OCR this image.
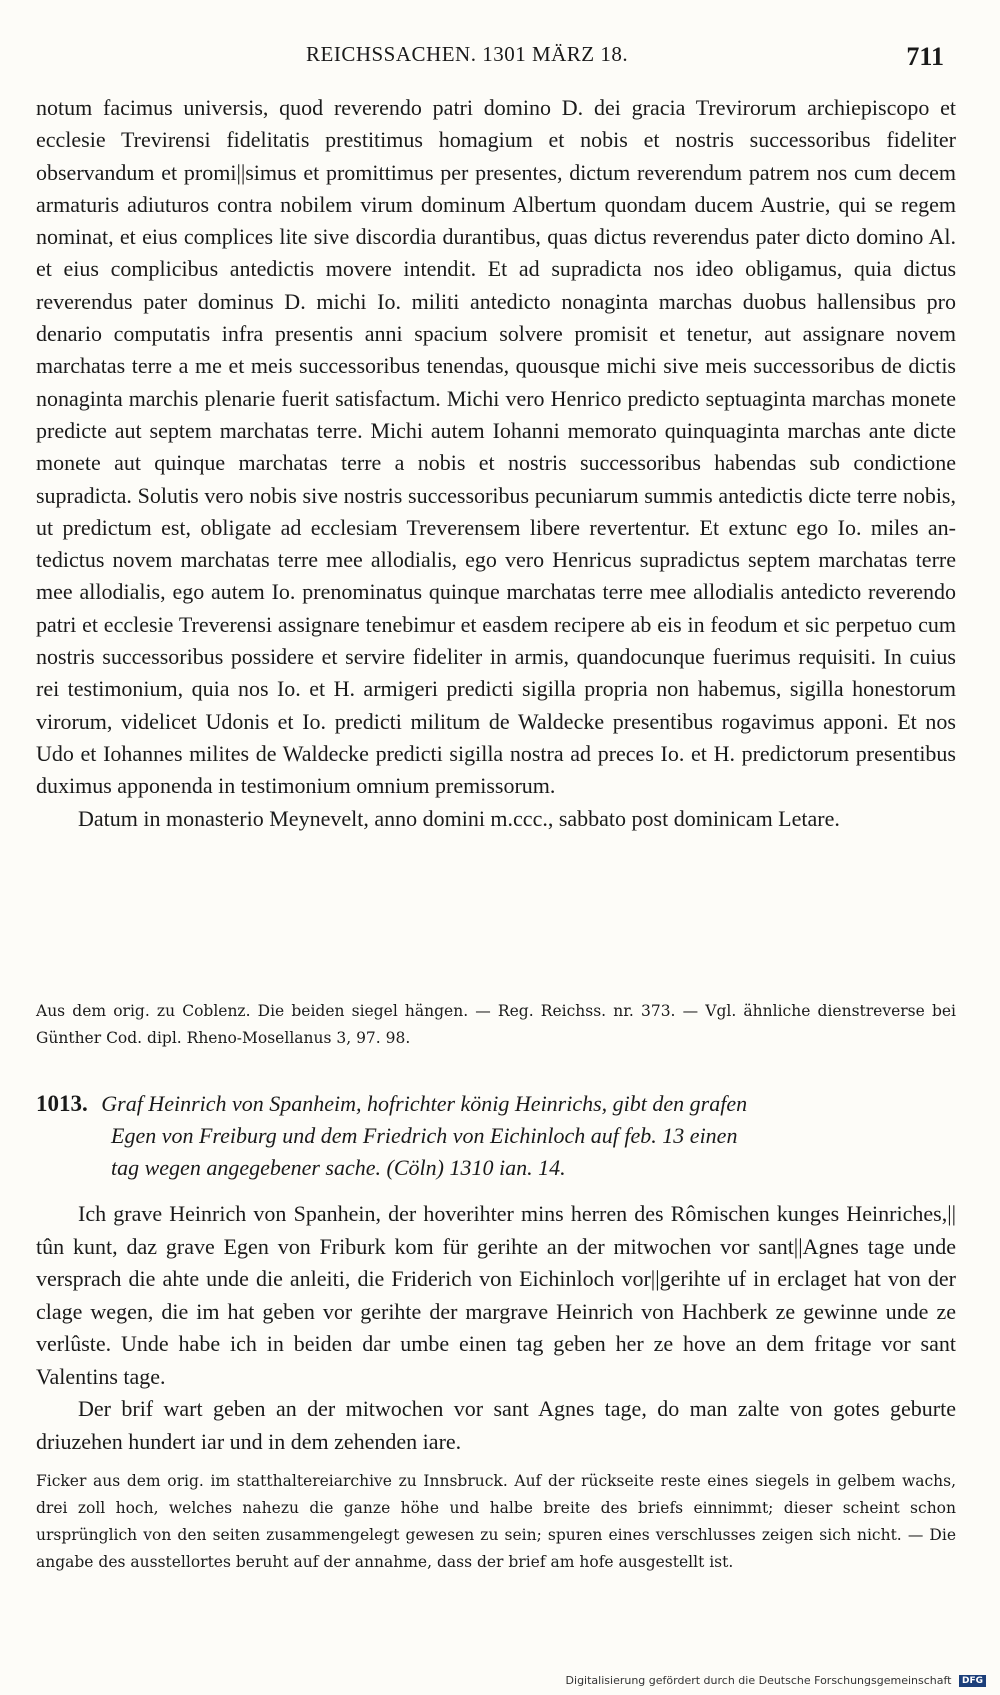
REICHSSACHEN. 1301 MÄRZ 18.	711

notum facimus universis, quod reverendo patri domino D. dei gracia Trevirorum archiepiscopo et ecclesie Trevirensi fidelitatis prestitimus homagium et nobis et nostris successoribus fideliter observandum et promi||simus et promittimus per presentes, dictum reverendum patrem nos cum decem armaturis adiuturos contra nobilem virum dominum Albertum quondam ducem Austrie, qui se regem nominat, et eius complices lite sive discordia durantibus, quas dictus reverendus pater dicto domino Al. et eius complicibus antedictis movere intendit. Et ad supradicta nos ideo obligamus, quia dictus reverendus pater dominus D. michi Io. militi antedicto nonaginta marchas duobus hallensibus pro denario computatis infra presentis anni spacium solvere promisit et tenetur, aut assignare novem marchatas terre a me et meis successoribus tenendas, quousque michi sive meis successoribus de dictis nonaginta marchis plenarie fuerit satisfactum. Michi vero Henrico predicto septuaginta marchas monete predicte aut septem marchatas terre. Michi autem Iohanni memorato quinquaginta marchas ante dicte monete aut quinque marchatas terre a nobis et nostris successoribus habendas sub condictione supradicta. Solutis vero nobis sive nostris successoribus pecuniarum summis antedictis dicte terre nobis, ut predictum est, obligate ad ecclesiam Treverensem libere revertentur. Et extunc ego Io. miles antedictus novem marchatas terre mee allodialis, ego vero Henricus supradictus septem marchatas terre mee allodialis, ego autem Io. prenominatus quinque marchatas terre mee allodialis antedicto reverendo patri et ecclesie Treverensi assignare tenebimur et easdem recipere ab eis in feodum et sic perpetuo cum nostris successoribus possidere et servire fideliter in armis, quandocunque fuerimus requisiti. In cuius rei testimonium, quia nos Io. et H. armigeri predicti sigilla propria non habemus, sigilla honestorum virorum, videlicet Udonis et Io. predicti militum de Waldecke presentibus rogavimus apponi. Et nos Udo et Iohannes milites de Waldecke predicti sigilla nostra ad preces Io. et H. predictorum presentibus duximus apponenda in testimonium omnium premissorum.

Datum in monasterio Meynevelt, anno domini m.ccc., sabbato post dominicam Letare.

Aus dem orig. zu Coblenz. Die beiden siegel hängen. — Reg. Reichss. nr. 373. — Vgl. ähnliche dienstreverse bei Günther Cod. dipl. Rheno-Mosellanus 3, 97. 98.
1013. Graf Heinrich von Spanheim, hofrichter könig Heinrichs, gibt den grafen
Egen von Freiburg und dem Friedrich von Eichinloch auf feb. 13 einen
tag wegen angegebener sache. (Cöln) 1310 ian. 14.

Ich grave Heinrich von Spanhein, der hoverihter mins herren des Rômischen kunges Heinriches,|| tûn kunt, daz grave Egen von Friburk kom für gerihte an der mitwochen vor sant||Agnes tage unde versprach die ahte unde die anleiti, die Friderich von Eichinloch vor||gerihte uf in erclaget hat von der clage wegen, die im hat geben vor gerihte der margrave Heinrich von Hachberk ze gewinne unde ze verlûste. Unde habe ich in beiden dar umbe einen tag geben her ze hove an dem fritage vor sant Valentins tage.

Der brif wart geben an der mitwochen vor sant Agnes tage, do man zalte von gotes geburte driuzehen hundert iar und in dem zehenden iare.

Ficker aus dem orig. im statthaltereiarchive zu Innsbruck. Auf der rückseite reste eines siegels in gelbem wachs, drei zoll hoch, welches nahezu die ganze höhe und halbe breite des briefs einnimmt; dieser scheint schon ursprünglich von den seiten zusammengelegt gewesen zu sein; spuren eines verschlusses zeigen sich nicht. — Die angabe des ausstellortes beruht auf der annahme, dass der brief am hofe ausgestellt ist.
Digitalisierung gefördert durch die Deutsche Forschungsgemeinschaft DFG
